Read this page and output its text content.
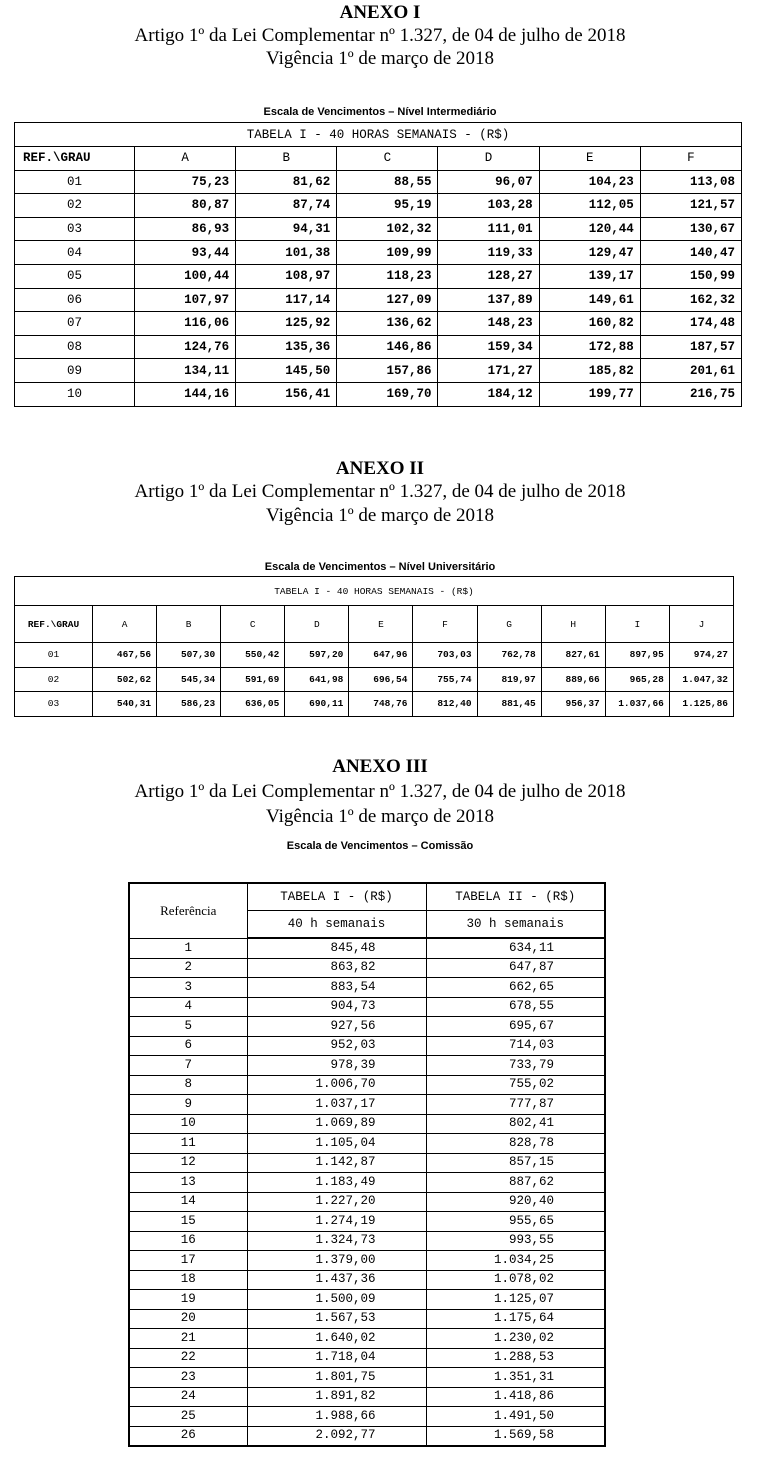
ANEXO I
Artigo 1º da Lei Complementar nº 1.327, de 04 de julho de 2018
Vigência 1º de março de 2018
Escala de Vencimentos – Nível Intermediário
TABELA I - 40 HORAS SEMANAIS - (R$)						
REF.\GRAU	A	B	C	D	E	F
01	75,23	81,62	88,55	96,07	104,23	113,08
02	80,87	87,74	95,19	103,28	112,05	121,57
03	86,93	94,31	102,32	111,01	120,44	130,67
04	93,44	101,38	109,99	119,33	129,47	140,47
05	100,44	108,97	118,23	128,27	139,17	150,99
06	107,97	117,14	127,09	137,89	149,61	162,32
07	116,06	125,92	136,62	148,23	160,82	174,48
08	124,76	135,36	146,86	159,34	172,88	187,57
09	134,11	145,50	157,86	171,27	185,82	201,61
10	144,16	156,41	169,70	184,12	199,77	216,75
ANEXO II
Artigo 1º da Lei Complementar nº 1.327, de 04 de julho de 2018
Vigência 1º de março de 2018
Escala de Vencimentos – Nível Universitário
TABELA I - 40 HORAS SEMANAIS - (R$)										
REF.\GRAU	A	B	C	D	E	F	G	H	I	J
01	467,56	507,30	550,42	597,20	647,96	703,03	762,78	827,61	897,95	974,27
02	502,62	545,34	591,69	641,98	696,54	755,74	819,97	889,66	965,28	1.047,32
03	540,31	586,23	636,05	690,11	748,76	812,40	881,45	956,37	1.037,66	1.125,86
ANEXO III
Artigo 1º da Lei Complementar nº 1.327, de 04 de julho de 2018
Vigência 1º de março de 2018
Escala de Vencimentos – Comissão
Referência	TABELA I - (R$)	TABELA II - (R$)
	40 h semanais	30 h semanais
1	845,48	634,11
2	863,82	647,87
3	883,54	662,65
4	904,73	678,55
5	927,56	695,67
6	952,03	714,03
7	978,39	733,79
8	1.006,70	755,02
9	1.037,17	777,87
10	1.069,89	802,41
11	1.105,04	828,78
12	1.142,87	857,15
13	1.183,49	887,62
14	1.227,20	920,40
15	1.274,19	955,65
16	1.324,73	993,55
17	1.379,00	1.034,25
18	1.437,36	1.078,02
19	1.500,09	1.125,07
20	1.567,53	1.175,64
21	1.640,02	1.230,02
22	1.718,04	1.288,53
23	1.801,75	1.351,31
24	1.891,82	1.418,86
25	1.988,66	1.491,50
26	2.092,77	1.569,58
